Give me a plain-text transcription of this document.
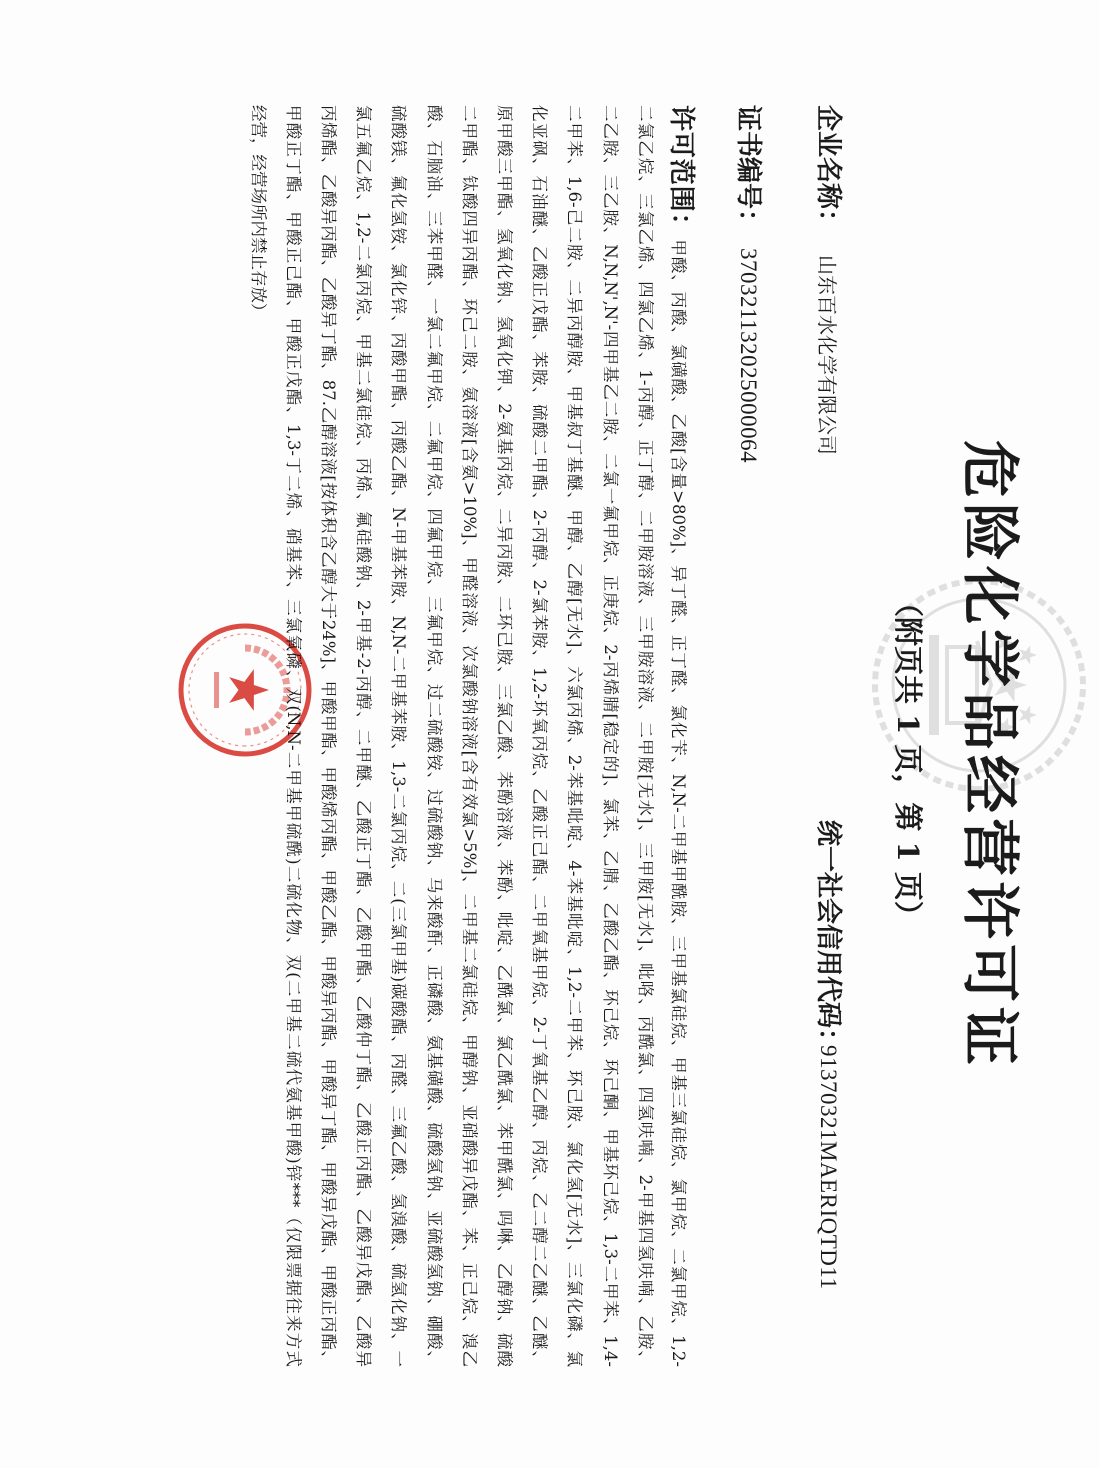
危险化学品经营许可证
（附页共 1 页，第 1 页）
企业名称：
山东百水化学有限公司
统一社会信用代码：
91370321MAERIQTD11
证书编号：
370321132025000064
许可范围：甲酸、丙酸、氯磺酸、乙酸[含量>80%]、异丁醛、正丁醛、氯化苄、N,N-二甲基甲酰胺、三甲基氯硅烷、甲基三氯硅烷、氯甲烷、二氯甲烷、1,2-
二氯乙烷、三氯乙烯、四氯乙烯、1-丙醇、正丁醇、二甲胺溶液、三甲胺溶液、二甲胺[无水]、三甲胺[无水]、吡咯、丙酰氯、四氢呋喃、2-甲基四氢呋喃、乙胺、
二乙胺、三乙胺、N,N,N',N'-四甲基乙二胺、二氯一氟甲烷、正庚烷、2-丙烯腈[稳定的]、氯苯、乙腈、乙酸乙酯、环己烷、环己酮、甲基环己烷、1,3-二甲苯、1,4-
二甲苯、1,6-己二胺、二异丙醇胺、甲基叔丁基醚、甲醇、乙醇[无水]、六氯丙烯、2-苯基吡啶、4-苯基吡啶、1,2-二甲苯、环己胺、氯化氢[无水]、三氯化磷、氯
化亚砜、石油醚、乙酸正戊酯、苯胺、硫酸二甲酯、2-丙醇、2-氯苯胺、1,2-环氧丙烷、乙酸正己酯、二甲氧基甲烷、2-丁氧基乙醇、丙烷、乙二醇二乙醚、乙醚、
原甲酸三甲酯、氢氧化钠、氢氧化钾、2-氨基丙烷、二异丙胺、二环己胺、三氯乙酸、苯酚溶液、苯酚、吡啶、乙酰氯、氯乙酰氯、苯甲酰氯、吗啉、乙醇钠、硫酸
二甲酯、钛酸四异丙酯、环己二胺、氨溶液[含氨>10%]、甲醛溶液、次氯酸钠溶液[含有效氯>5%]、二甲基二氯硅烷、甲醇钠、亚硝酸异戊酯、苯、正己烷、溴乙
酸、石脑油、三苯甲醛、一氯二氟甲烷、二氟甲烷、四氟甲烷、三氟甲烷、过二硫酸铵、过硫酸钠、马来酸酐、正磷酸、氨基磺酸、硫酸氢钠、亚硫酸氢钠、硼酸、
硫酸镁、氟化氢铵、氯化锌、丙酸甲酯、丙酸乙酯、N-甲基苯胺、N,N-二甲基苯胺、1,3-二氯丙烷、二(三氯甲基)碳酸酯、丙醛、三氟乙酸、氢溴酸、硫氢化钠、一
氯五氟乙烷、1,2-二氯丙烷、甲基二氯硅烷、丙烯、氟硅酸钠、2-甲基-2-丙醇、二甲醚、乙酸正丁酯、乙酸甲酯、乙酸仲丁酯、乙酸正丙酯、乙酸异戊酯、乙酸异
丙烯酯、乙酸异丙酯、乙酸异丁酯、87.乙醇溶液[按体积含乙醇大于24%]、甲酸甲酯、甲酸烯丙酯、甲酸乙酯、甲酸异丙酯、甲酸异丁酯、甲酸异戊酯、甲酸正丙酯、
甲酸正丁酯、甲酸正己酯、甲酸正戊酯、1,3-丁二烯、硝基苯、三氯氧磷、双(N,N-二甲基甲硫酰)二硫化物、双(二甲基二硫代氨基甲酸)锌***（仅限票据往来方式
经营，经营场所内禁止存放）
